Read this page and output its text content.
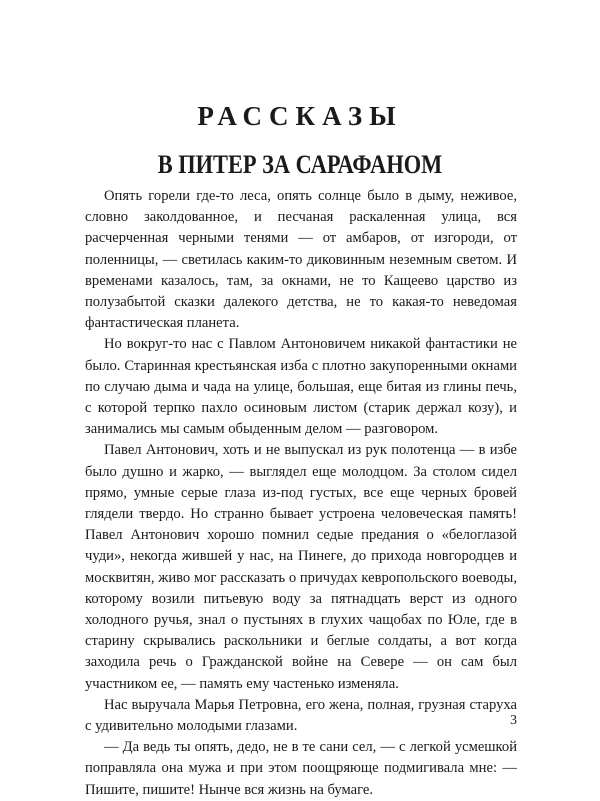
РАССКАЗЫ
В ПИТЕР ЗА САРАФАНОМ

Опять горели где-то леса, опять солнце было в дыму, неживое, словно заколдованное, и песчаная раскаленная улица, вся расчерченная черными тенями — от амбаров, от изгороди, от поленницы, — светилась каким-то диковинным неземным светом. И временами казалось, там, за окнами, не то Кащеево царство из полузабытой сказки далекого детства, не то какая-то неведомая фантастическая планета.

Но вокруг-то нас с Павлом Антоновичем никакой фантастики не было. Старинная крестьянская изба с плотно закупоренными окнами по случаю дыма и чада на улице, большая, еще битая из глины печь, с которой терпко пахло осиновым листом (старик держал козу), и занимались мы самым обыденным делом — разговором.

Павел Антонович, хоть и не выпускал из рук полотенца — в избе было душно и жарко, — выглядел еще молодцом. За столом сидел прямо, умные серые глаза из-под густых, все еще черных бровей глядели твердо. Но странно бывает устроена человеческая память! Павел Антонович хорошо помнил седые предания о «белоглазой чуди», некогда жившей у нас, на Пинеге, до прихода новгородцев и москвитян, живо мог рассказать о причудах кевропольского воеводы, которому возили питьевую воду за пятнадцать верст из одного холодного ручья, знал о пустынях в глухих чащобах по Юле, где в старину скрывались раскольники и беглые солдаты, а вот когда заходила речь о Гражданской войне на Севере — он сам был участником ее, — память ему частенько изменяла.

Нас выручала Марья Петровна, его жена, полная, грузная старуха с удивительно молодыми глазами.

— Да ведь ты опять, дедо, не в те сани сел, — с легкой усмешкой поправляла она мужа и при этом поощряюще подмигивала мне: — Пишите, пишите! Нынче вся жизнь на бумаге.

3
